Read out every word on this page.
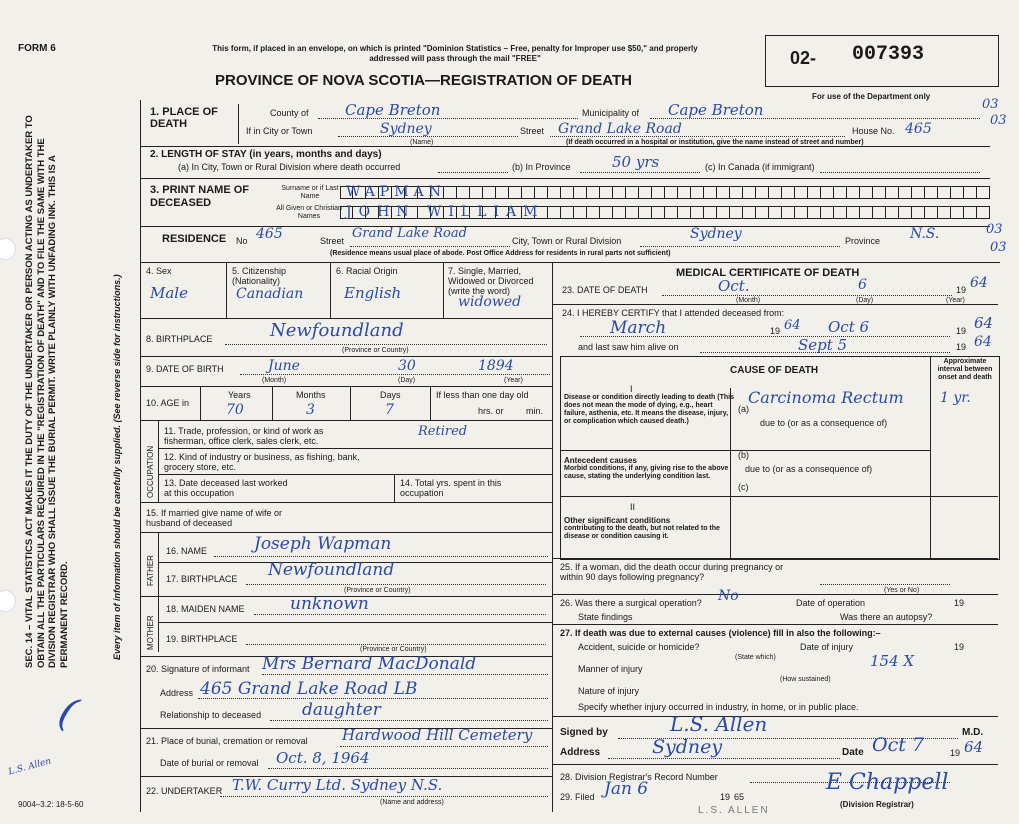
FORM 6	This form, if placed in an envelope, on which is printed "Dominion Statistics – Free, penalty for Improper use $50," and properly addressed will pass through the mail "FREE"
PROVINCE OF NOVA SCOTIA—REGISTRATION OF DEATH
02- 007393
For use of the Department only
SEC. 14 – VITAL STATISTICS ACT MAKES IT THE DUTY OF THE UNDERTAKER OR PERSON ACTING AS UNDERTAKER TO OBTAIN ALL THE PARTICULARS REQUIRED IN THE "REGISTRATION OF DEATH" AND TO FILE THE SAME WITH THE DIVISION REGISTRAR WHO SHALL ISSUE THE BURIAL PERMIT. WRITE PLAINLY WITH UNFADING INK. THIS IS A PERMANENT RECORD.	Every item of information should be carefully supplied. (See reverse side for instructions.)
9004–3.2: 18-5-60
(
L.S. Allen
1. PLACE OF DEATH
County of Cape Breton	Municipality of Cape Breton
If in City or Town	Sydney
(Name)
Street Grand Lake Road	House No. 465
(If death occurred in a hospital or institution, give the name instead of street and number)
03
03
2. LENGTH OF STAY (in years, months and days)
(a) In City, Town or Rural Division where death occurred	(b) In Province	50 yrs	(c) In Canada (if immigrant)
3. PRINT NAME OF DECEASED
Surname or if Last Name
All Given or Christian Names
WAPMAN
JOHN WILLIAM
RESIDENCE No 465	Street Grand Lake Road	City, Town or Rural Division	Sydney	Province N.S.
(Residence means usual place of abode. Post Office Address for residents in rural parts not sufficient)
03
03
4. Sex
Male
5. Citizenship (Nationality)
Canadian
6. Racial Origin
English
7. Single, Married, Widowed or Divorced (write the word)
widowed
8. BIRTHPLACE	Newfoundland
(Province or Country)
9. DATE OF BIRTH	June	30	1894
(Month)	(Day)	(Year)
10. AGE in
Years	Months	Days
70	3	7
If less than one day old
hrs. or min.
OCCUPATION
11. Trade, profession, or kind of work as fisherman, office clerk, sales clerk, etc.
Retired
12. Kind of industry or business, as fishing, bank, grocery store, etc.
13. Date deceased last worked at this occupation
14. Total yrs. spent in this occupation
15. If married give name of wife or husband of deceased
FATHER
MOTHER
16. NAME	Joseph Wapman
17. BIRTHPLACE Newfoundland
(Province or Country)
18. MAIDEN NAME	unknown
19. BIRTHPLACE
(Province or Country)
20. Signature of informant Mrs Bernard MacDonald
Address 465 Grand Lake Road LB
Relationship to deceased daughter
21. Place of burial, cremation or removal Hardwood Hill Cemetery
Date of burial or removal Oct. 8, 1964
22. UNDERTAKER T.W. Curry Ltd. Sydney N.S.
(Name and address)
MEDICAL CERTIFICATE OF DEATH
23. DATE OF DEATH	Oct.	6	19 64
(Month)	(Day)	(Year)
24. I HEREBY CERTIFY that I attended deceased from:
March	19 64 Oct 6	19 64
and last saw him alive on	Sept 5	19 64
CAUSE OF DEATH
Approximate interval between onset and death
I
Disease or condition directly leading to death (This does not mean the mode of dying, e.g., heart failure, asthenia, etc. It means the disease, injury, or complication which caused death.)
(a)
Carcinoma Rectum	1 yr.
due to (or as a consequence of)
Antecedent causes
Morbid conditions, if any, giving rise to the above cause, stating the underlying condition last.
(b)
due to (or as a consequence of)
(c)
II
Other significant conditions
contributing to the death, but not related to the disease or condition causing it.
25. If a woman, did the death occur during pregnancy or within 90 days following pregnancy?
(Yes or No)
26. Was there a surgical operation? No	Date of operation	19
State findings	Was there an autopsy?
27. If death was due to external causes (violence) fill in also the following:–
Accident, suicide or homicide?	Date of injury	19
(State which)
Manner of injury	154 X
(How sustained)
Nature of injury
Specify whether injury occurred in industry, in home, or in public place.
Signed by	L.S. Allen	M.D.
Address	Sydney	Date Oct 7	19 64
28. Division Registrar's Record Number
29. Filed Jan 6	19 65
E Chappell
(Division Registrar)
L.S. ALLEN
